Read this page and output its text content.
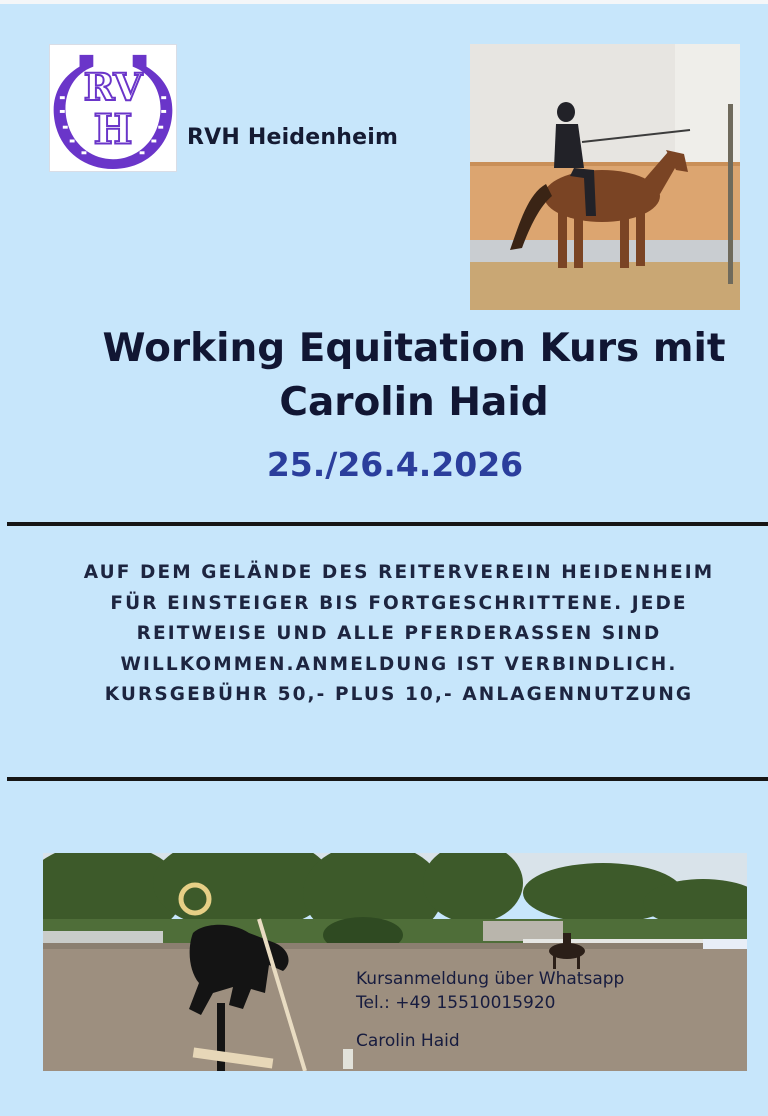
RV
H RVH Heidenheim
Working Equitation Kurs mit
Carolin Haid
25./26.4.2026
AUF DEM GELÄNDE DES REITERVEREIN HEIDENHEIM
FÜR EINSTEIGER BIS FORTGESCHRITTENE. JEDE
REITWEISE UND ALLE PFERDERASSEN SIND
WILLKOMMEN.ANMELDUNG IST VERBINDLICH.
KURSGEBÜHR 50,- PLUS 10,- ANLAGENNUTZUNG
Kursanmeldung über Whatsapp
Tel.: +49 15510015920
Carolin Haid
